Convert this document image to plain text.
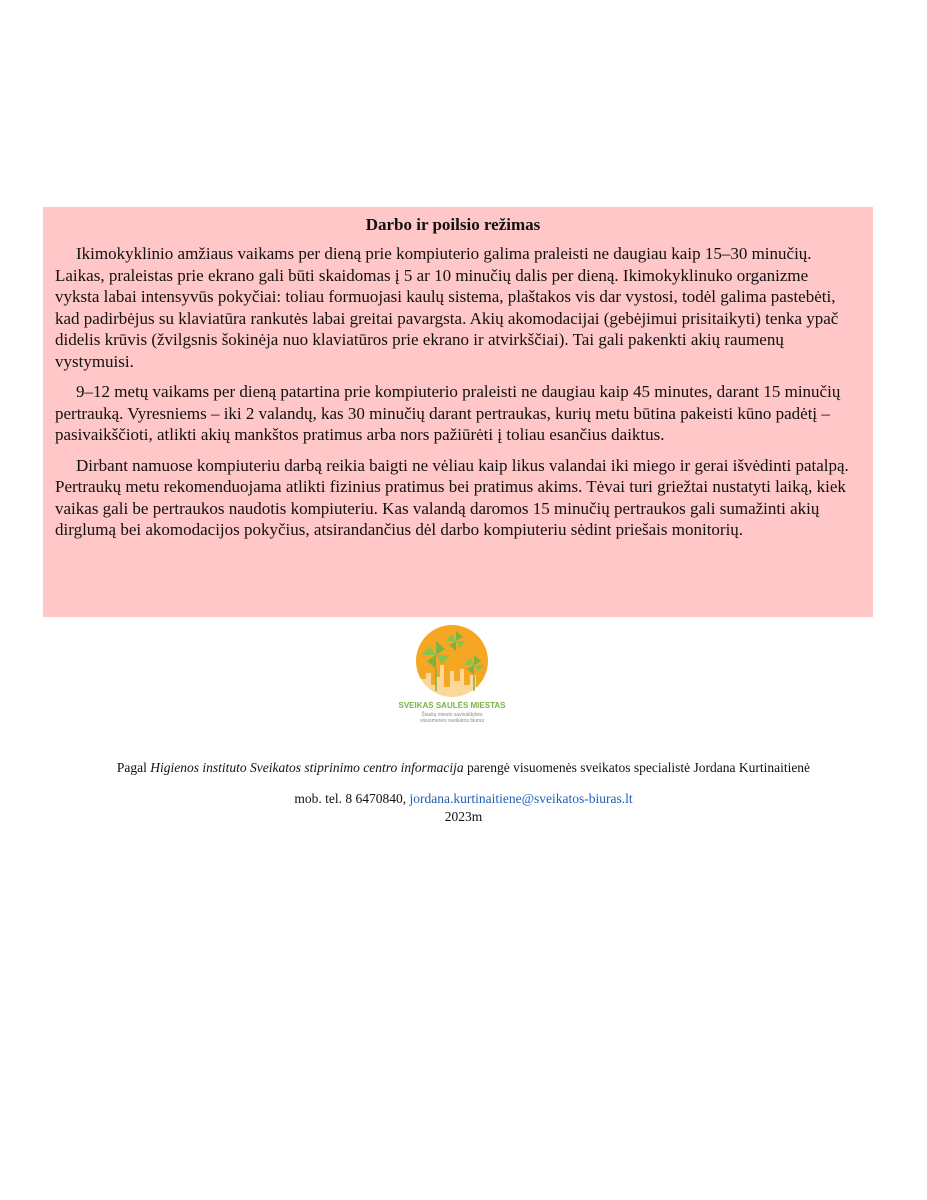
Darbo ir poilsio režimas

Ikimokyklinio amžiaus vaikams per dieną prie kompiuterio galima praleisti ne daugiau kaip 15–30 minučių. Laikas, praleistas prie ekrano gali būti skaidomas į 5 ar 10 minučių dalis per dieną. Ikimokyklinuko organizme vyksta labai intensyvūs pokyčiai: toliau formuojasi kaulų sistema, plaštakos vis dar vystosi, todėl galima pastebėti, kad padirbėjus su klaviatūra rankutės labai greitai pavargsta. Akių akomodacijai (gebėjimui prisitaikyti) tenka ypač didelis krūvis (žvilgsnis šokinėja nuo klaviatūros prie ekrano ir atvirkščiai). Tai gali pakenkti akių raumenų vystymuisi.

9–12 metų vaikams per dieną patartina prie kompiuterio praleisti ne daugiau kaip 45 minutes, darant 15 minučių pertrauką. Vyresniems – iki 2 valandų, kas 30 minučių darant pertraukas, kurių metu būtina pakeisti kūno padėtį – pasivaikščioti, atlikti akių mankštos pratimus arba nors pažiūrėti į toliau esančius daiktus.

Dirbant namuose kompiuteriu darbą reikia baigti ne vėliau kaip likus valandai iki miego ir gerai išvėdinti patalpą. Pertraukų metu rekomenduojama atlikti fizinius pratimus bei pratimus akims. Tėvai turi griežtai nustatyti laiką, kiek vaikas gali be pertraukos naudotis kompiuteriu. Kas valandą daromos 15 minučių pertraukos gali sumažinti akių dirglumą bei akomodacijos pokyčius, atsirandančius dėl darbo kompiuteriu sėdint priešais monitorių.

SVEIKAS SAULĖS MIESTAS
Šiaulių miesto savivaldybės
visuomenės sveikatos biuras
Pagal Higienos instituto Sveikatos stiprinimo centro informacija parengė visuomenės sveikatos specialistė Jordana Kurtinaitienė
mob. tel. 8 6470840, jordana.kurtinaitiene@sveikatos-biuras.lt
2023m
